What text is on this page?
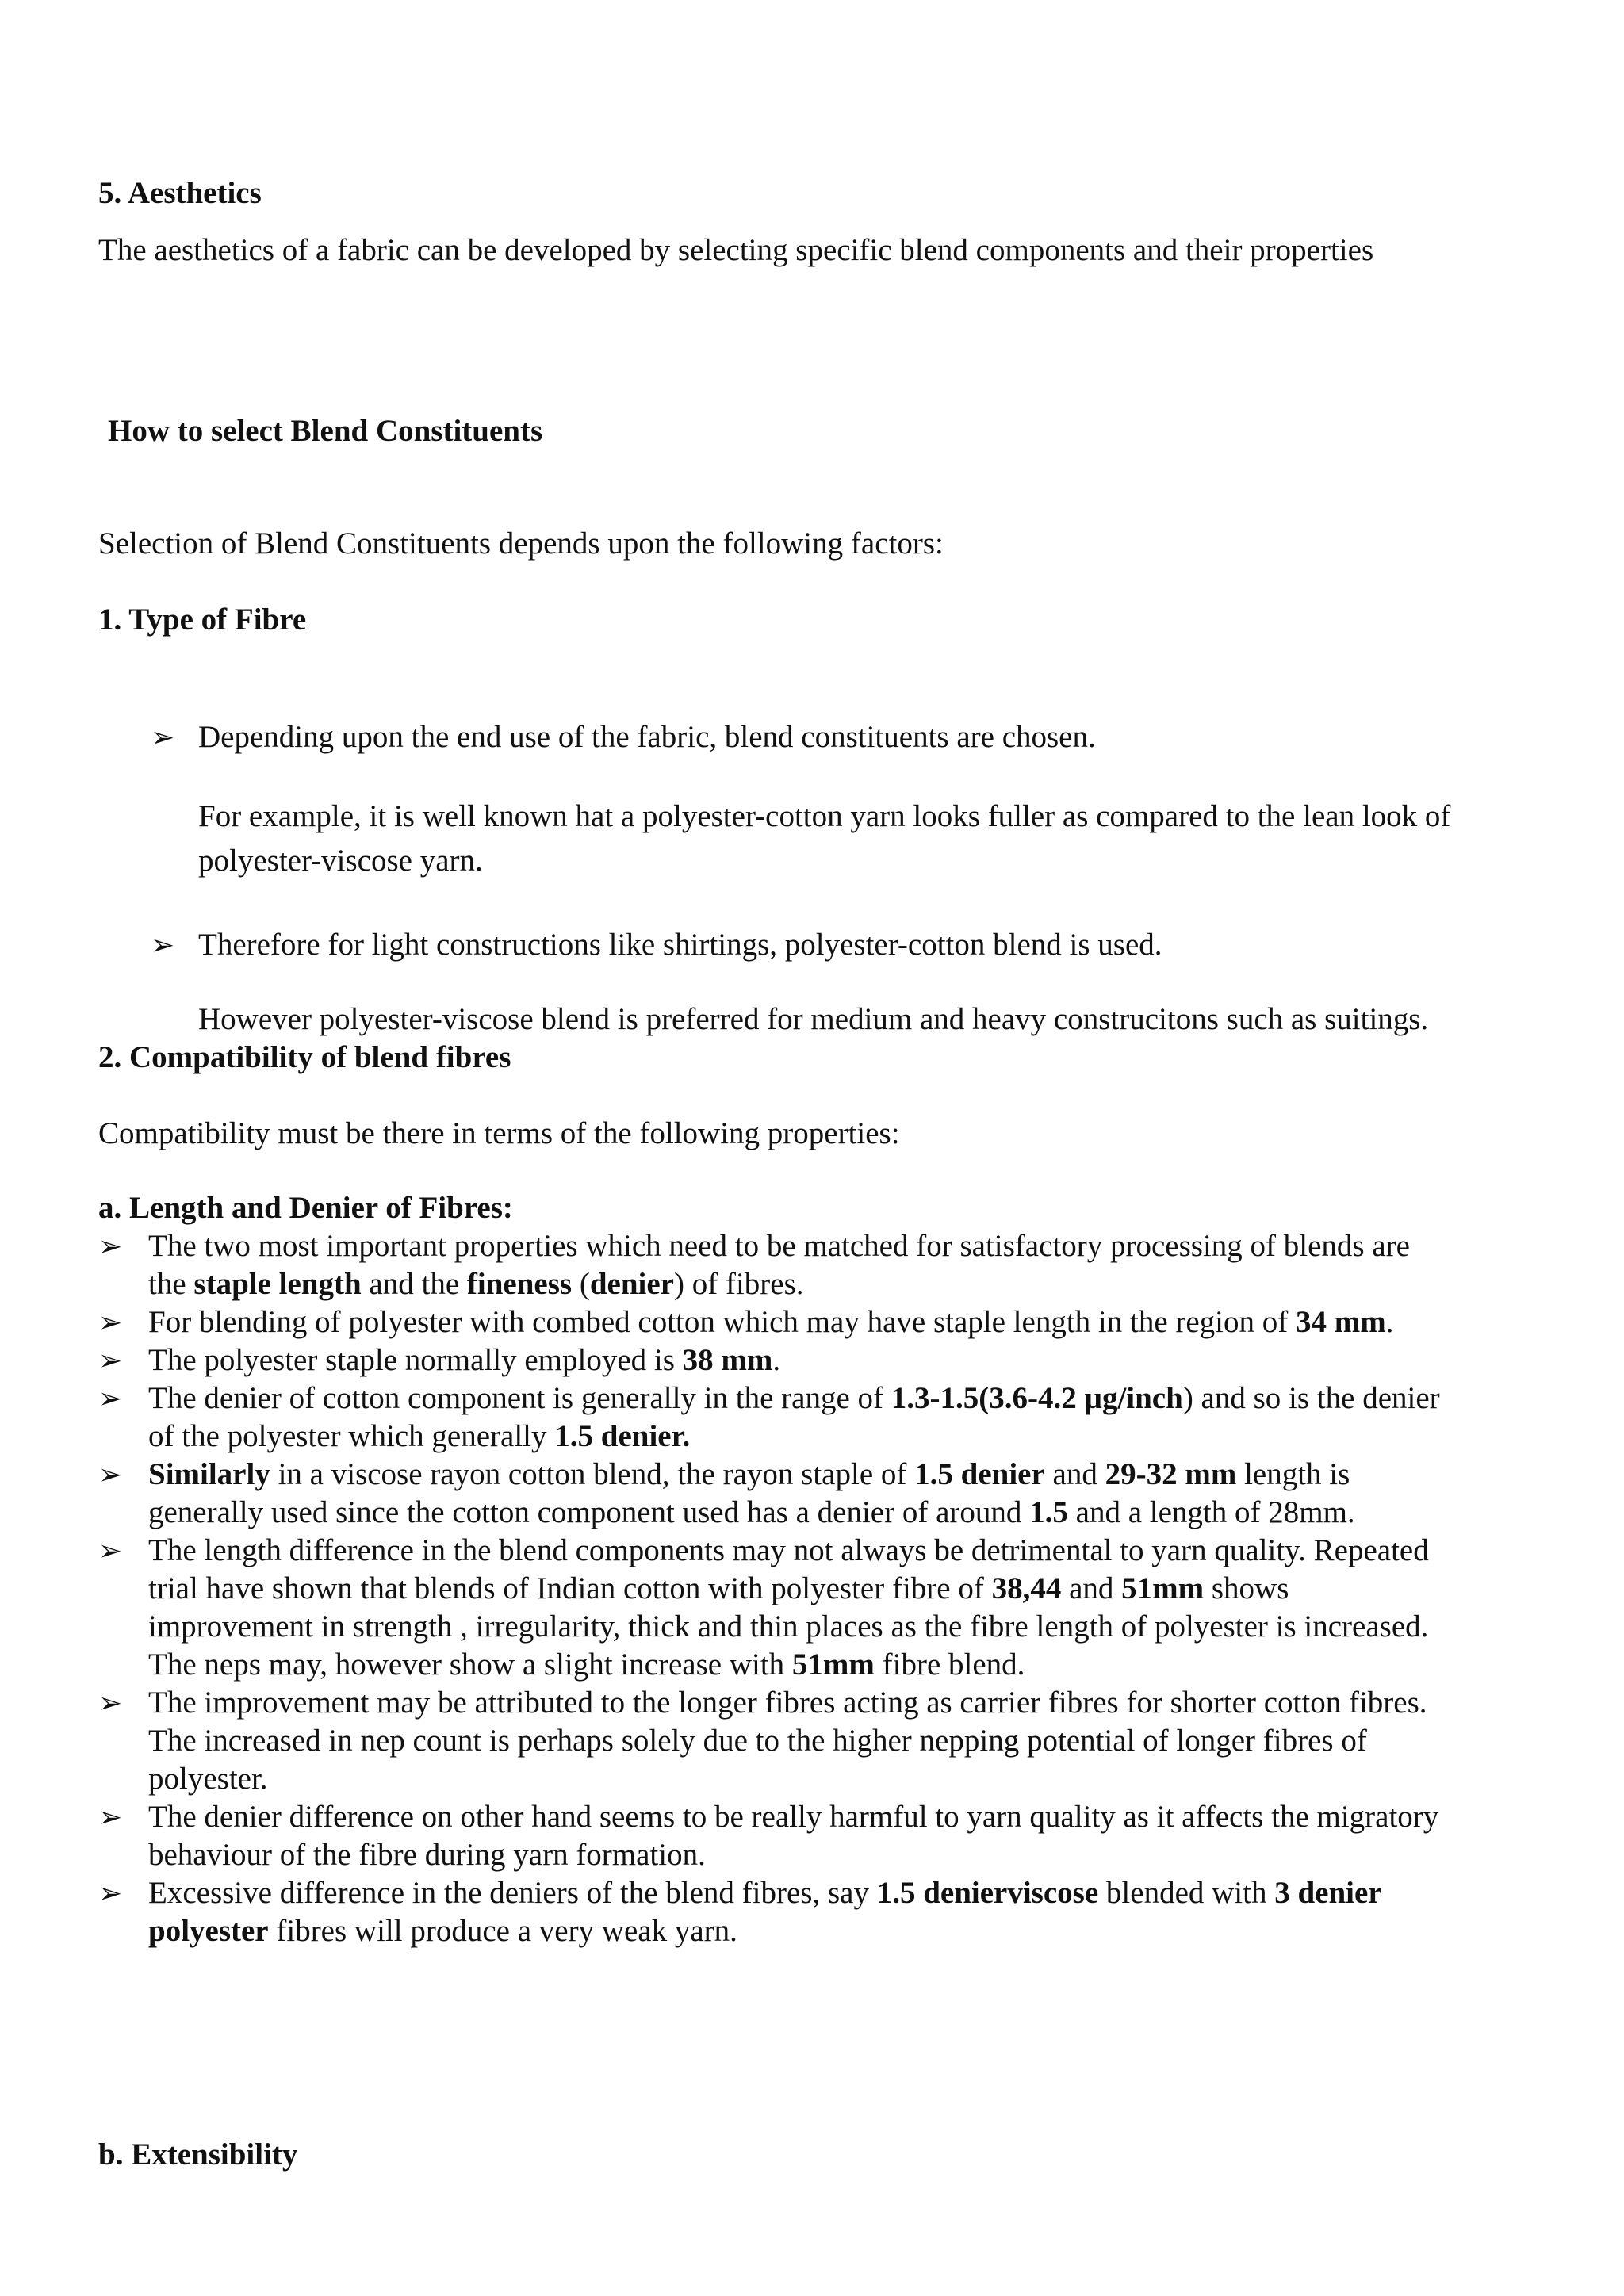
5. Aesthetics
The aesthetics of a fabric can be developed by selecting specific blend components and their properties
How to select Blend Constituents
Selection of Blend Constituents depends upon the following factors:
1. Type of Fibre
➢ Depending upon the end use of the fabric, blend constituents are chosen.
For example, it is well known hat a polyester-cotton yarn looks fuller as compared to the lean look of
polyester-viscose yarn.
➢ Therefore for light constructions like shirtings, polyester-cotton blend is used.
However polyester-viscose blend is preferred for medium and heavy construcitons such as suitings.
2. Compatibility of blend fibres
Compatibility must be there in terms of the following properties:
a. Length and Denier of Fibres:
➢ The two most important properties which need to be matched for satisfactory processing of blends are
the staple length and the fineness (denier) of fibres.
➢ For blending of polyester with combed cotton which may have staple length in the region of 34 mm.
➢ The polyester staple normally employed is 38 mm.
➢ The denier of cotton component is generally in the range of 1.3-1.5(3.6-4.2 µg/inch) and so is the denier
of the polyester which generally 1.5 denier.
➢ Similarly in a viscose rayon cotton blend, the rayon staple of 1.5 denier and 29-32 mm length is
generally used since the cotton component used has a denier of around 1.5 and a length of 28mm.
➢ The length difference in the blend components may not always be detrimental to yarn quality. Repeated
trial have shown that blends of Indian cotton with polyester fibre of 38,44 and 51mm shows
improvement in strength , irregularity, thick and thin places as the fibre length of polyester is increased.
The neps may, however show a slight increase with 51mm fibre blend.
➢ The improvement may be attributed to the longer fibres acting as carrier fibres for shorter cotton fibres.
The increased in nep count is perhaps solely due to the higher nepping potential of longer fibres of
polyester.
➢ The denier difference on other hand seems to be really harmful to yarn quality as it affects the migratory
behaviour of the fibre during yarn formation.
➢ Excessive difference in the deniers of the blend fibres, say 1.5 denierviscose blended with 3 denier
polyester fibres will produce a very weak yarn.
b. Extensibility
